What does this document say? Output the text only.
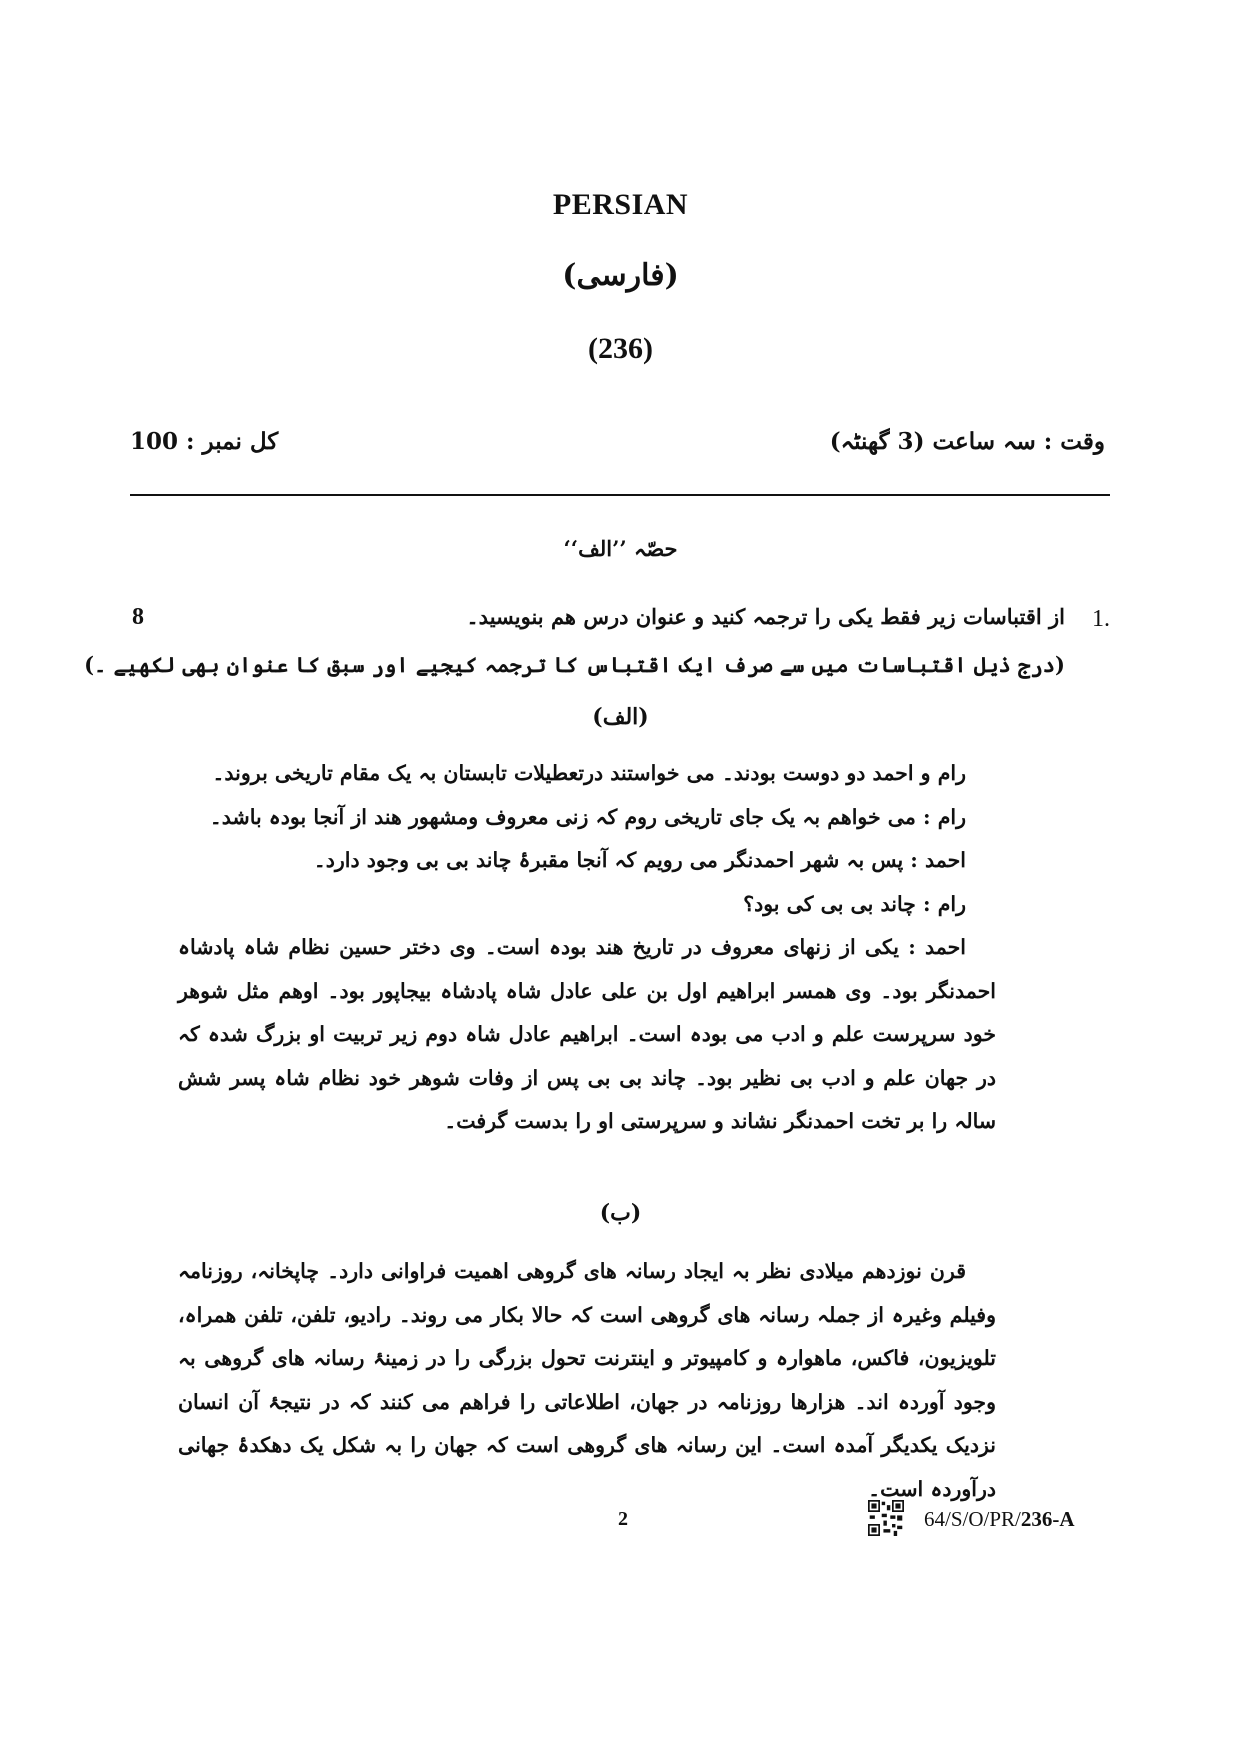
PERSIAN
(فارسی)
(236)
کل نمبر : 100	وقت : سہ ساعت (3 گھنٹہ)
حصّہ ’’الف‘‘
1.
8	از اقتباسات زیر فقط یکی را ترجمہ کنید و عنوان درس ھم بنویسید۔
(درج ذیل اقتباسات میں سے صرف ایک اقتباس کا ترجمہ کیجیے اور سبق کا عنوان بھی لکھیے ۔)
(الف)

رام و احمد دو دوست بودند۔ می خواستند درتعطیلات تابستان بہ یک مقام تاریخی بروند۔

رام : می خواھم بہ یک جای تاریخی روم کہ زنی معروف ومشھور ھند از آنجا بودہ باشد۔

احمد : پس بہ شھر احمدنگر می رویم کہ آنجا مقبرۂ چاند بی بی وجود دارد۔

رام : چاند بی بی کی بود؟

احمد : یکی از زنھای معروف در تاریخ ھند بودہ است۔ وی دختر حسین نظام شاہ پادشاہ احمدنگر بود۔ وی ھمسر ابراھیم اول بن علی عادل شاہ پادشاہ بیجاپور بود۔ اوھم مثل شوھر خود سرپرست علم و ادب می بودہ است۔ ابراھیم عادل شاہ دوم زیر تربیت او بزرگ شدہ کہ در جھان علم و ادب بی نظیر بود۔ چاند بی بی پس از وفات شوھر خود نظام شاہ پسر شش سالہ را بر تخت احمدنگر نشاند و سرپرستی او را بدست گرفت۔

(ب)

قرن نوزدھم میلادی نظر بہ ایجاد رسانہ ھای گروھی اھمیت فراوانی دارد۔ چاپخانہ، روزنامہ وفیلم وغیرہ از جملہ رسانہ ھای گروھی است کہ حالا بکار می روند۔ رادیو، تلفن، تلفن ھمراہ، تلویزیون، فاکس، ماھوارہ و کامپیوتر و اینترنت تحول بزرگی را در زمینۂ رسانہ ھای گروھی بہ وجود آوردہ اند۔ ھزارھا روزنامہ در جھان، اطلاعاتی را فراھم می کنند کہ در نتیجۂ آن انسان نزدیک یکدیگر آمدہ است۔ این رسانہ ھای گروھی است کہ جھان را بہ شکل یک دھکدۂ جھانی درآوردہ است۔

2	64/S/O/PR/236-A
